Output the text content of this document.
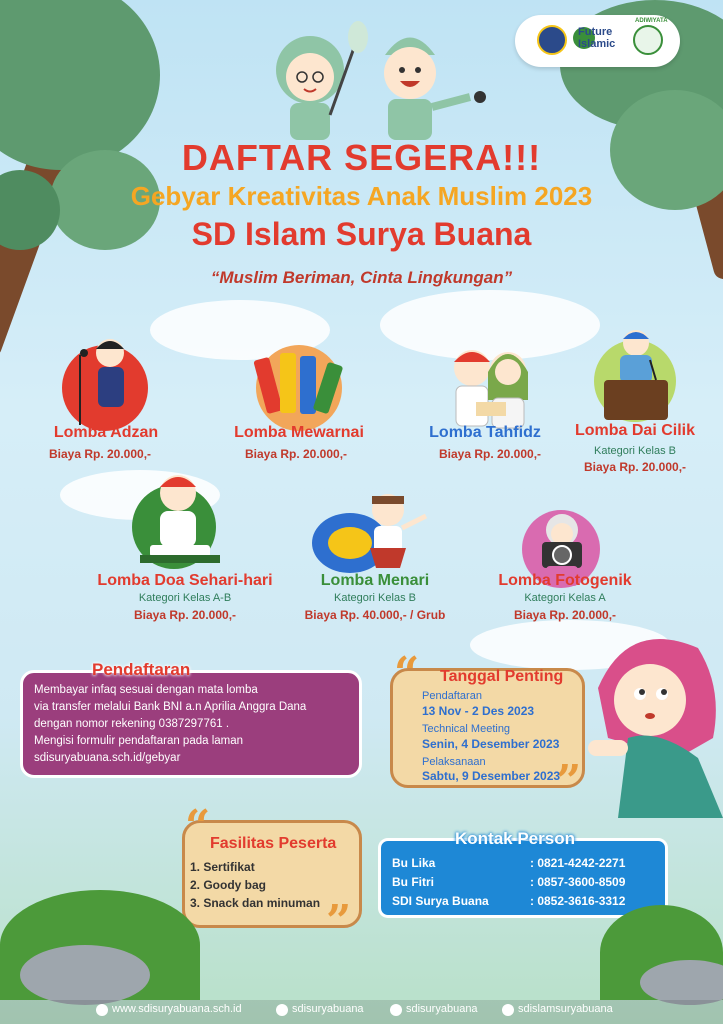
Future Islamic
ADIWIYATA
DAFTAR SEGERA!!!
Gebyar Kreativitas Anak Muslim 2023
SD Islam Surya Buana
“Muslim Beriman, Cinta Lingkungan”
Lomba Adzan
Biaya Rp. 20.000,-
Lomba Mewarnai
Biaya Rp. 20.000,-
Lomba Tahfidz
Biaya Rp. 20.000,-
Lomba Dai Cilik
Kategori Kelas B
Biaya Rp. 20.000,-
Lomba Doa Sehari-hari
Kategori Kelas A-B
Biaya Rp. 20.000,-
Lomba Menari
Kategori Kelas B
Biaya Rp. 40.000,- / Grub
Lomba Fotogenik
Kategori Kelas A
Biaya Rp. 20.000,-
Pendaftaran
Membayar infaq sesuai dengan mata lomba
via transfer melalui Bank BNI a.n Aprilia Anggra Dana
dengan nomor rekening 0387297761 .
Mengisi formulir pendaftaran pada laman
sdisuryabuana.sch.id/gebyar
“
”
Tanggal Penting
Pendaftaran
13 Nov - 2 Des 2023
Technical Meeting
Senin, 4 Desember 2023
Pelaksanaan
Sabtu, 9 Desember 2023
“
”
Fasilitas Peserta
1. Sertifikat
2. Goody bag
3. Snack dan minuman
Kontak Person
Bu Lika	: 0821-4242-2271
Bu Fitri	: 0857-3600-8509
SDI Surya Buana	: 0852-3616-3312
www.sdisuryabuana.sch.id	sdisuryabuana	sdisuryabuana	sdislamsuryabuana
